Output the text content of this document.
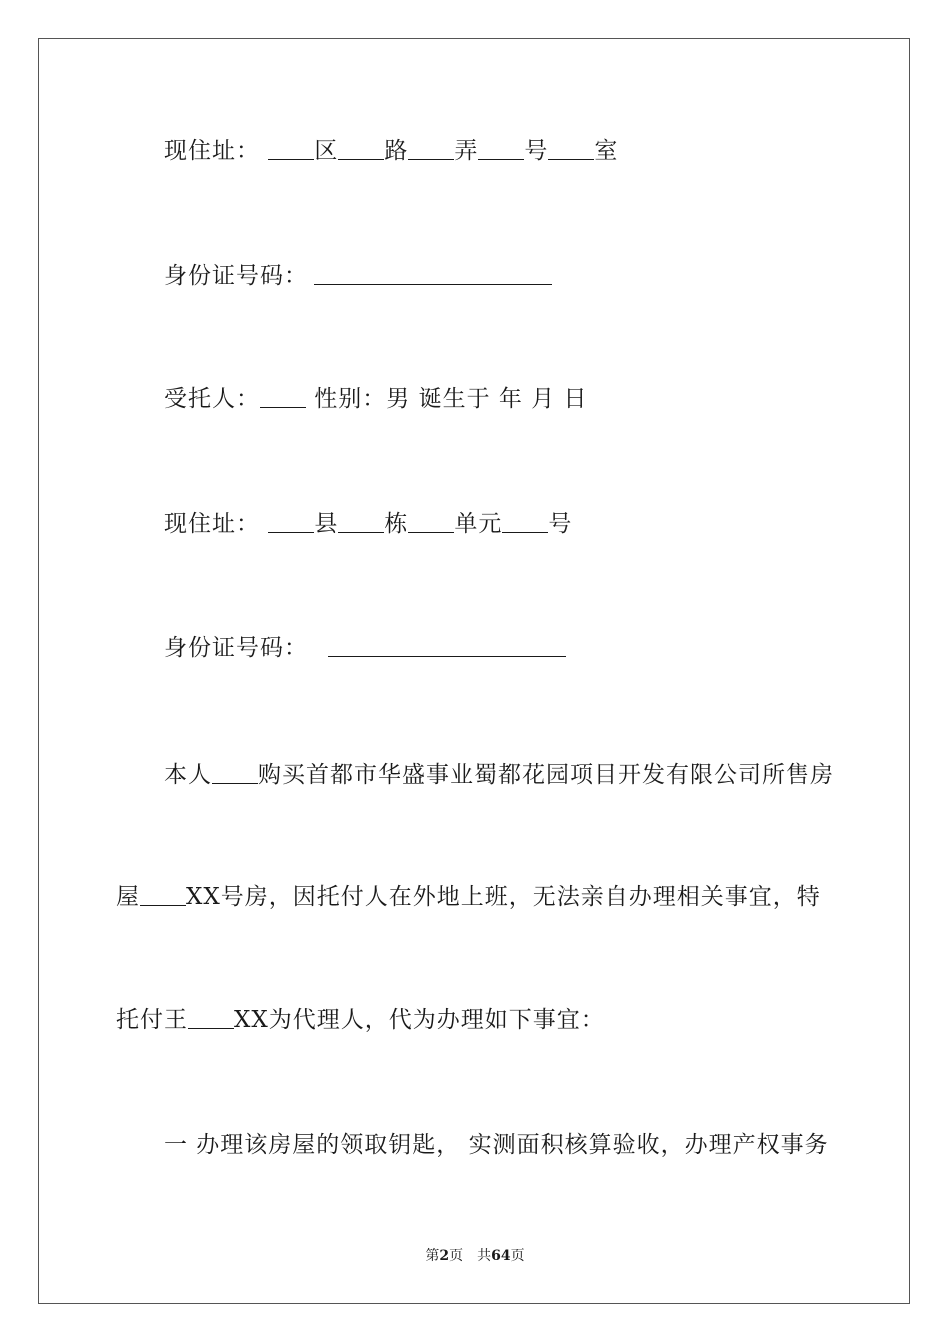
现住址： 区 路 弄 号 室
身份证号码：
受托人： 性别：男 诞生于 年 月 日
现住址： 县 栋 单元 号
身份证号码：
本人 购买首都市华盛事业蜀都花园项目开发有限公司所售房
屋 XX号房，因托付人在外地上班，无法亲自办理相关事宜，特
托付王 XX为代理人，代为办理如下事宜：
一 办理该房屋的领取钥匙， 实测面积核算验收，办理产权事务
第2页　共64页
